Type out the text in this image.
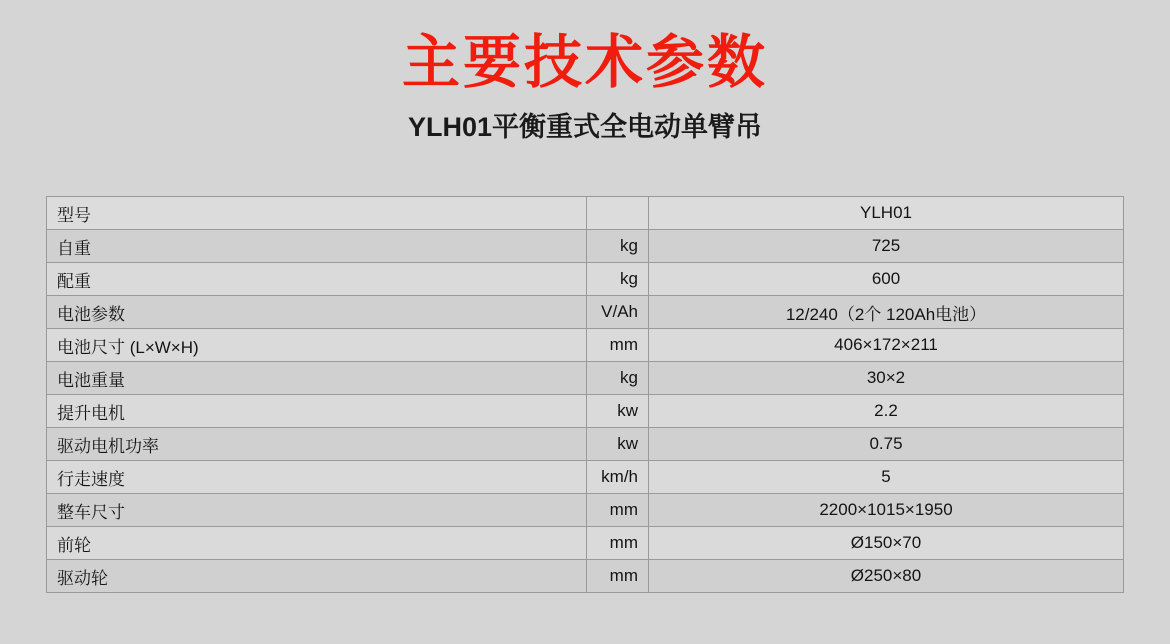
主要技术参数
YLH01平衡重式全电动单臂吊
型号		YLH01
自重	kg	725
配重	kg	600
电池参数	V/Ah	12/240（2个 120Ah电池）
电池尺寸 (L×W×H)	mm	406×172×211
电池重量	kg	30×2
提升电机	kw	2.2
驱动电机功率	kw	0.75
行走速度	km/h	5
整车尺寸	mm	2200×1015×1950
前轮	mm	Ø150×70
驱动轮	mm	Ø250×80
